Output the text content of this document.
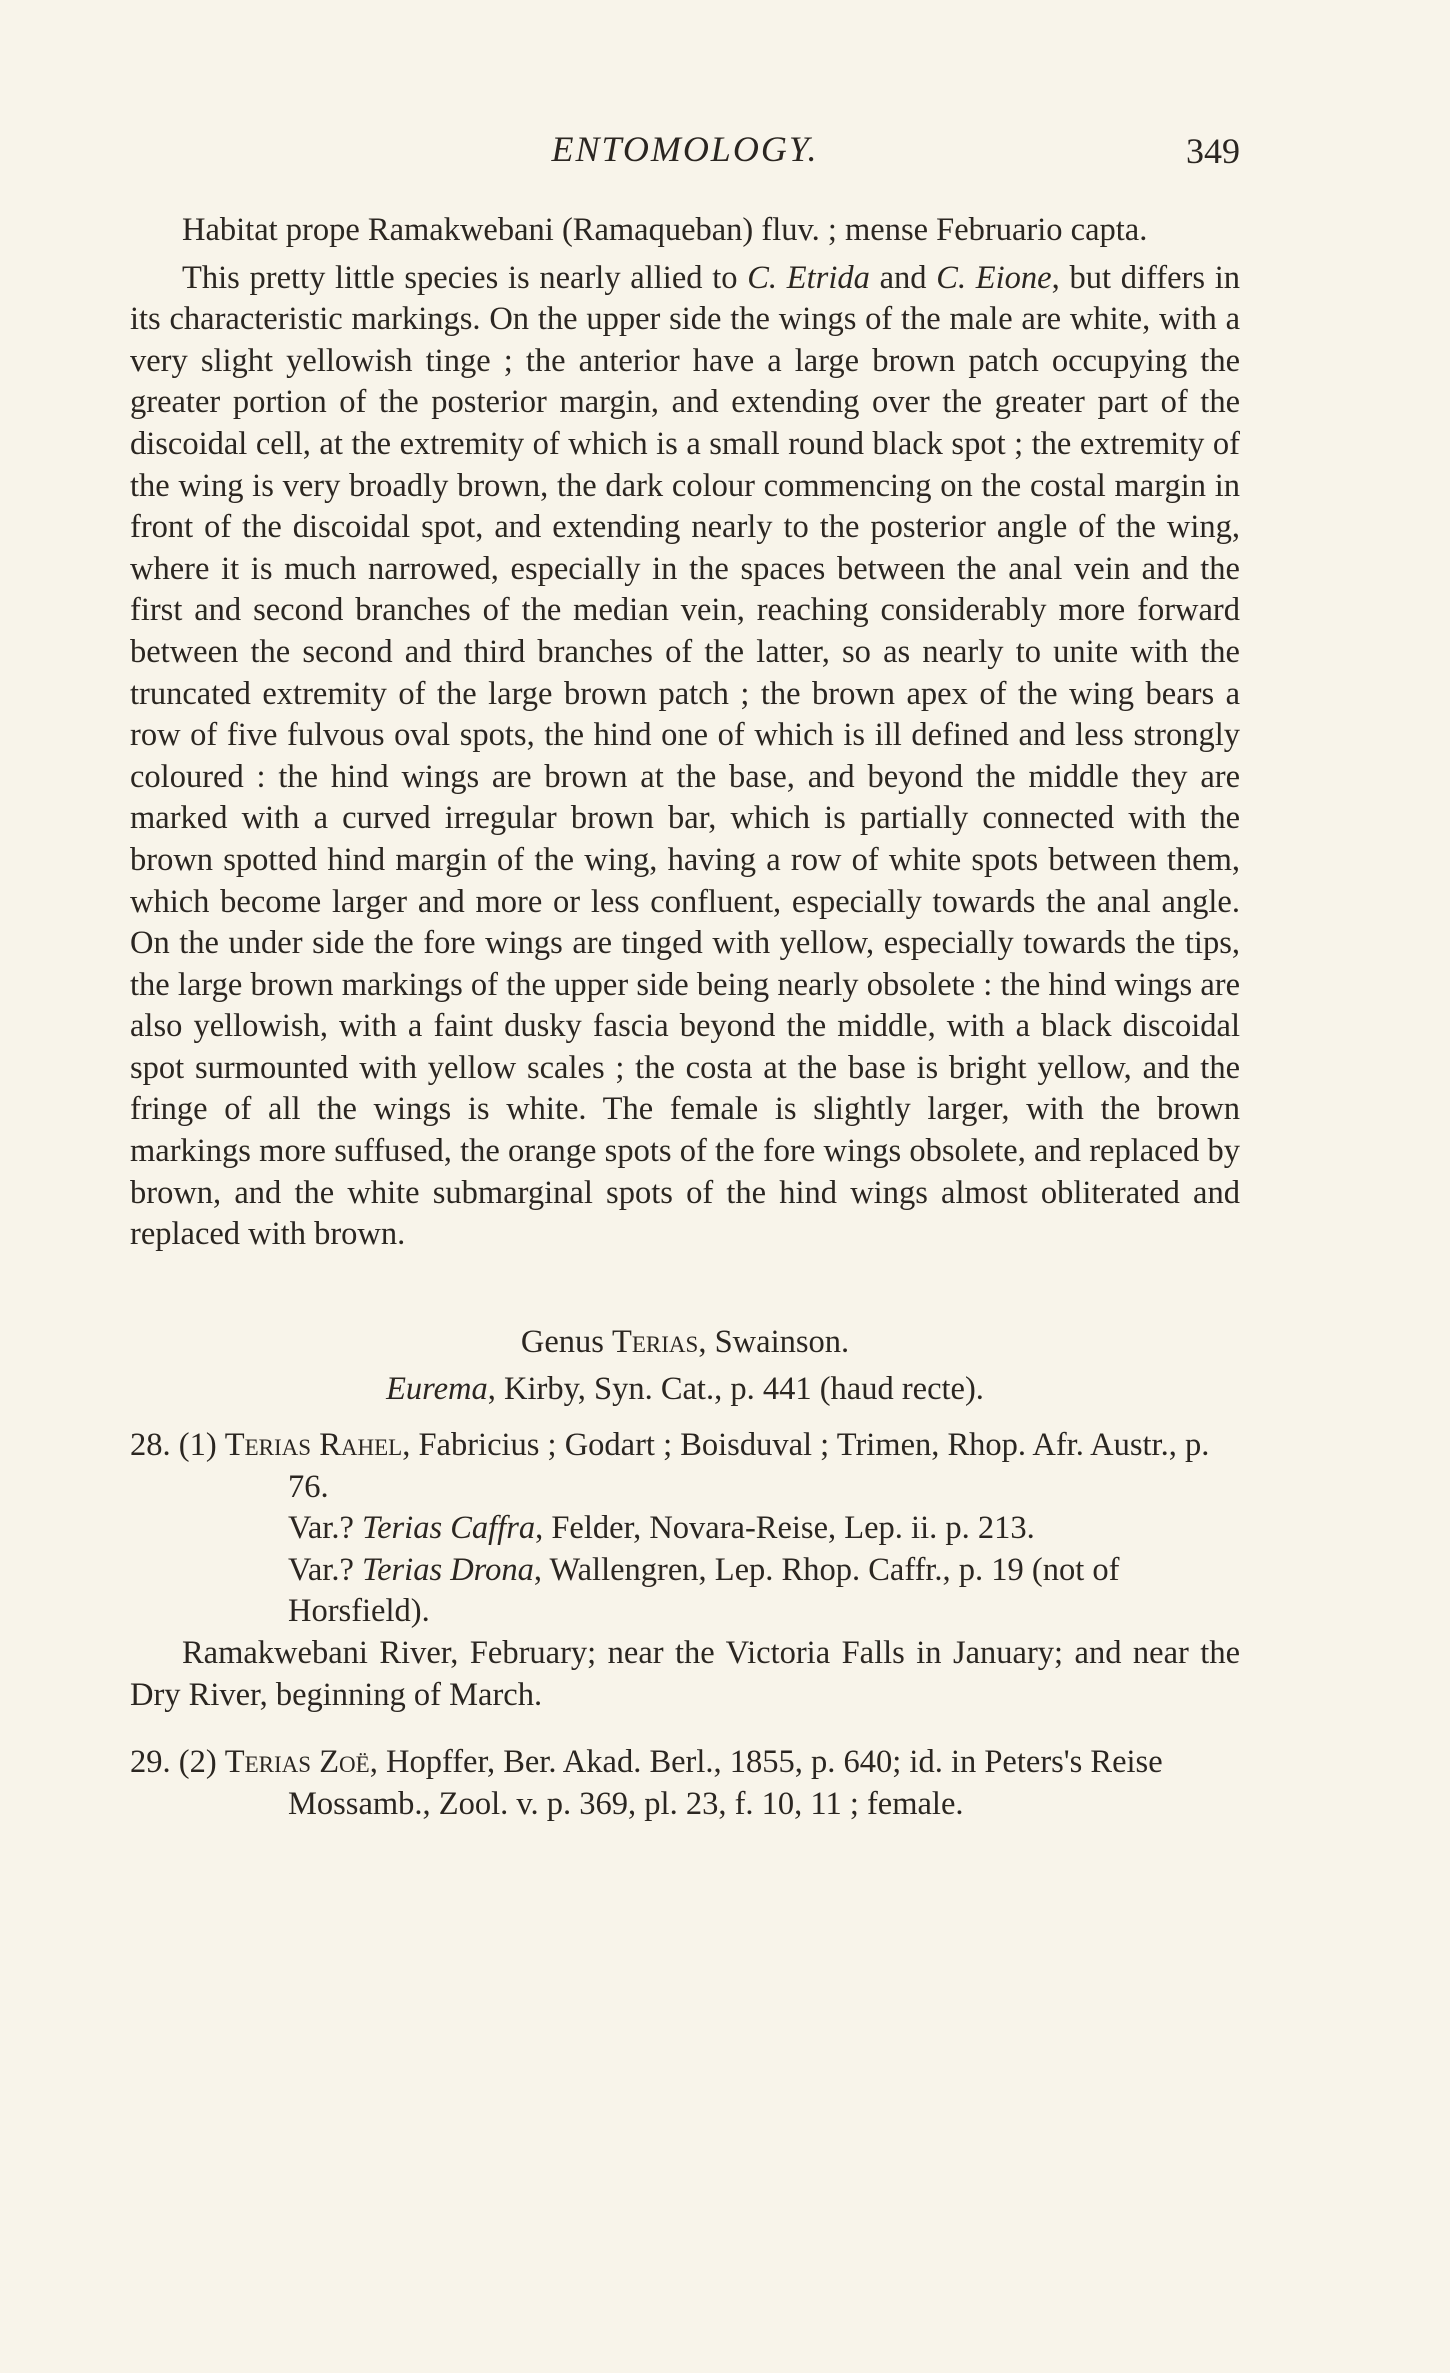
ENTOMOLOGY.	349

Habitat prope Ramakwebani (Ramaqueban) fluv. ; mense Februario capta.

This pretty little species is nearly allied to C. Etrida and C. Eione, but differs in its characteristic markings. On the upper side the wings of the male are white, with a very slight yellowish tinge ; the anterior have a large brown patch occupying the greater portion of the posterior margin, and extending over the greater part of the discoidal cell, at the extremity of which is a small round black spot ; the extremity of the wing is very broadly brown, the dark colour commencing on the costal margin in front of the discoidal spot, and extending nearly to the posterior angle of the wing, where it is much narrowed, especially in the spaces between the anal vein and the first and second branches of the median vein, reaching considerably more forward between the second and third branches of the latter, so as nearly to unite with the truncated extremity of the large brown patch ; the brown apex of the wing bears a row of five fulvous oval spots, the hind one of which is ill defined and less strongly coloured : the hind wings are brown at the base, and beyond the middle they are marked with a curved irregular brown bar, which is partially connected with the brown spotted hind margin of the wing, having a row of white spots between them, which become larger and more or less confluent, especially towards the anal angle. On the under side the fore wings are tinged with yellow, especially towards the tips, the large brown markings of the upper side being nearly obsolete : the hind wings are also yellowish, with a faint dusky fascia beyond the middle, with a black discoidal spot surmounted with yellow scales ; the costa at the base is bright yellow, and the fringe of all the wings is white. The female is slightly larger, with the brown markings more suffused, the orange spots of the fore wings obsolete, and replaced by brown, and the white submarginal spots of the hind wings almost obliterated and replaced with brown.

Genus Terias, Swainson.

Eurema, Kirby, Syn. Cat., p. 441 (haud recte).

28. (1) Terias Rahel, Fabricius ; Godart ; Boisduval ; Trimen, Rhop. Afr. Austr., p. 76.

Var.? Terias Caffra, Felder, Novara-Reise, Lep. ii. p. 213.

Var.? Terias Drona, Wallengren, Lep. Rhop. Caffr., p. 19 (not of Horsfield).

Ramakwebani River, February; near the Victoria Falls in January; and near the Dry River, beginning of March.

29. (2) Terias Zoë, Hopffer, Ber. Akad. Berl., 1855, p. 640; id. in Peters's Reise Mossamb., Zool. v. p. 369, pl. 23, f. 10, 11 ; female.
